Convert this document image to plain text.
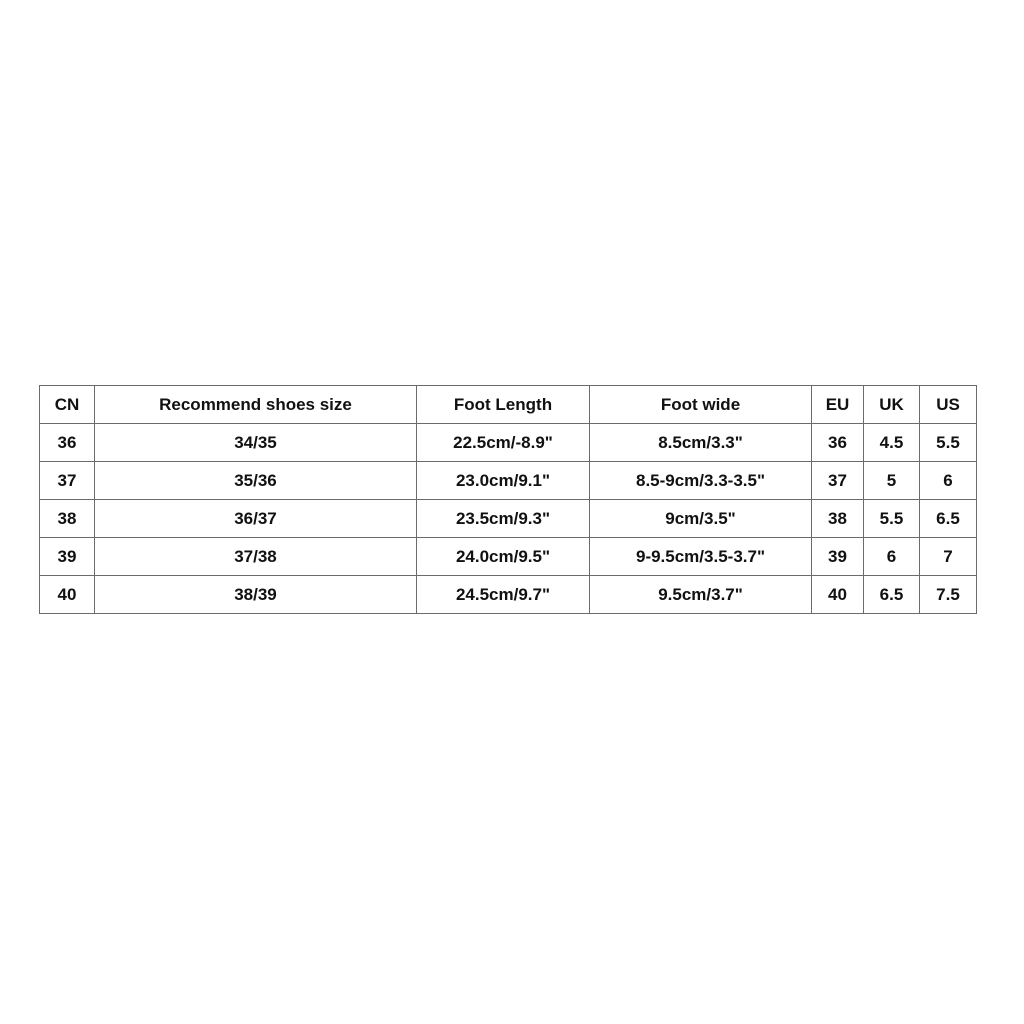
CN	Recommend shoes size	Foot Length	Foot wide	EU	UK	US
36	34/35	22.5cm/-8.9"	8.5cm/3.3"	36	4.5	5.5
37	35/36	23.0cm/9.1"	8.5-9cm/3.3-3.5"	37	5	6
38	36/37	23.5cm/9.3"	9cm/3.5"	38	5.5	6.5
39	37/38	24.0cm/9.5"	9-9.5cm/3.5-3.7"	39	6	7
40	38/39	24.5cm/9.7"	9.5cm/3.7"	40	6.5	7.5
